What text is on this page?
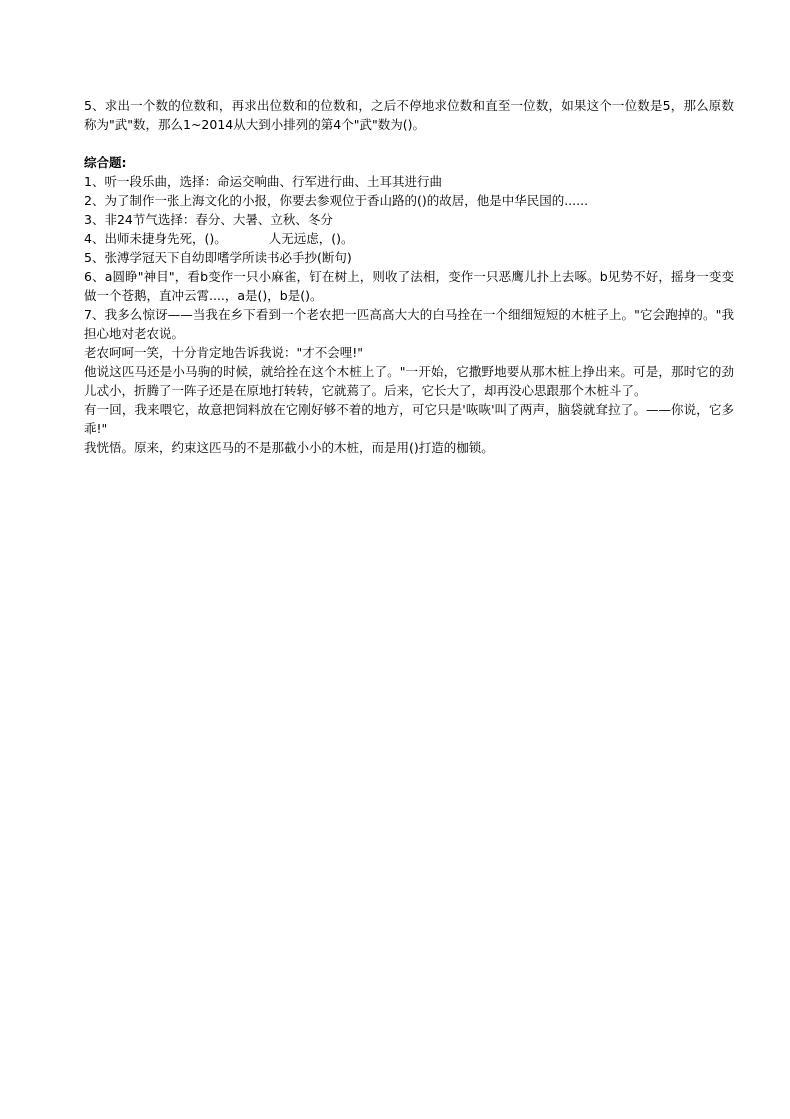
5、求出一个数的位数和，再求出位数和的位数和，之后不停地求位数和直至一位数，如果这个一位数是5，那么原数称为"武"数，那么1~2014从大到小排列的第4个"武"数为()。

综合题:

1、听一段乐曲，选择：命运交响曲、行军进行曲、土耳其进行曲

2、为了制作一张上海文化的小报，你要去参观位于香山路的()的故居，他是中华民国的......

3、非24节气选择：春分、大暑、立秋、冬分

4、出师未捷身先死，()。	人无远虑，()。

5、张溥学冠天下自幼即嗜学所读书必手抄(断句)

6、a圆睁"神目"，看b变作一只小麻雀，钉在树上，则收了法相，变作一只恶鹰儿扑上去啄。b见势不好，摇身一变变做一个苍鹅，直冲云霄....，a是()，b是()。

7、我多么惊讶——当我在乡下看到一个老农把一匹高高大大的白马拴在一个细细短短的木桩子上。"它会跑掉的。"我担心地对老农说。

老农呵呵一笑，十分肯定地告诉我说："才不会哩!"

他说这匹马还是小马驹的时候，就给拴在这个木桩上了。"一开始，它撒野地要从那木桩上挣出来。可是，那时它的劲儿忒小，折腾了一阵子还是在原地打转转，它就蔫了。后来，它长大了，却再没心思跟那个木桩斗了。

有一回，我来喂它，故意把饲料放在它刚好够不着的地方，可它只是'咴咴'叫了两声，脑袋就耷拉了。——你说，它多乖!"

我恍悟。原来，约束这匹马的不是那截小小的木桩，而是用()打造的枷锁。
